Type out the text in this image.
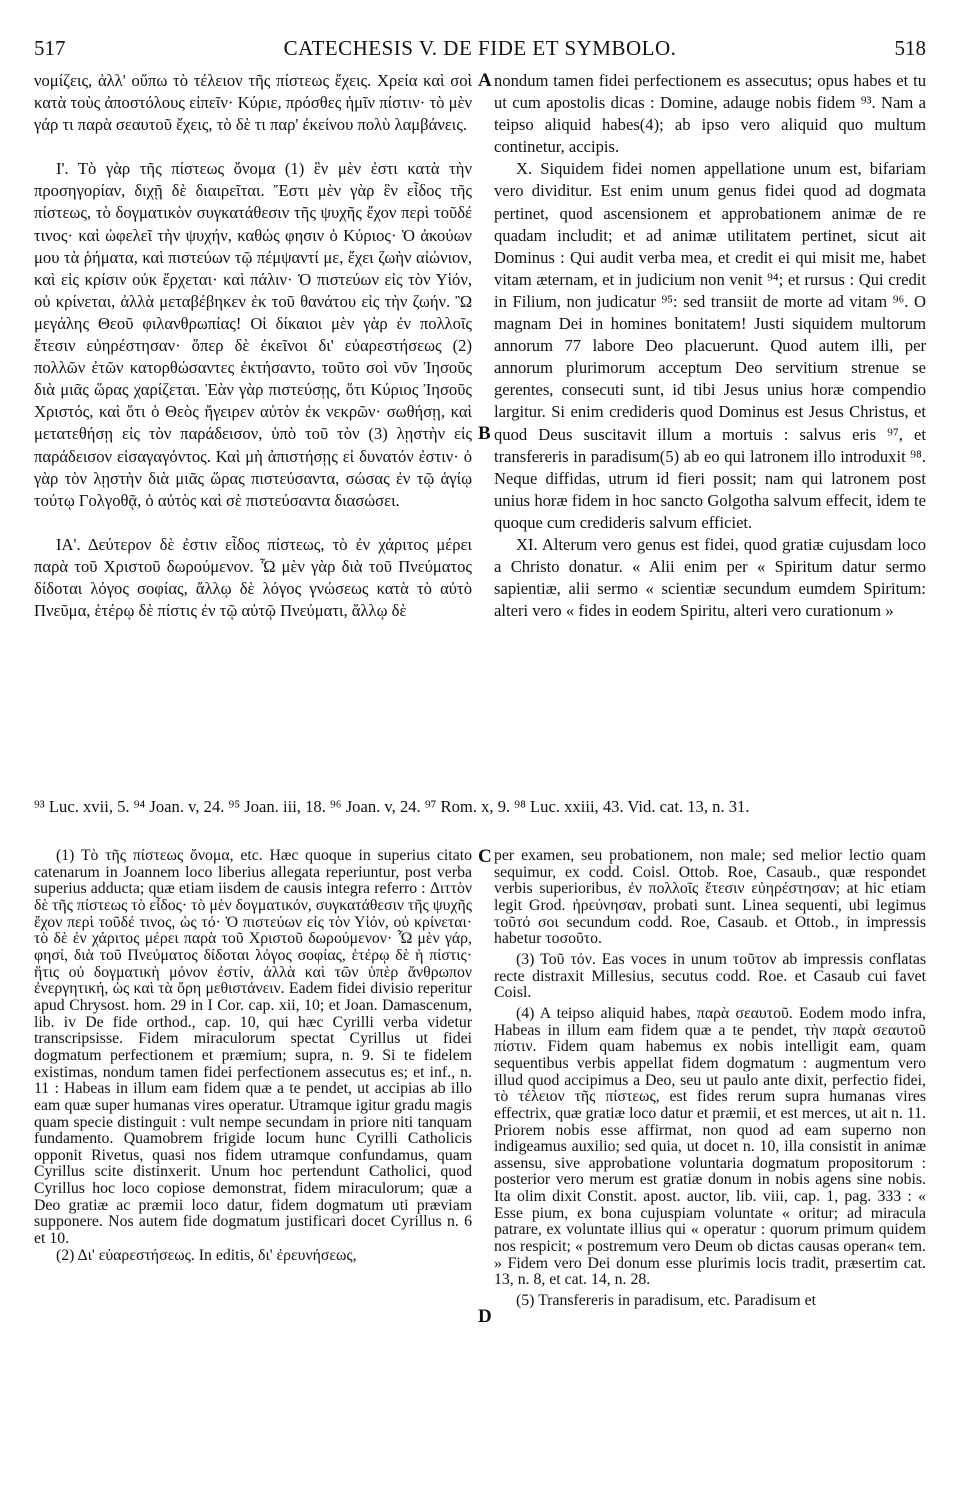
517	CATECHESIS V. DE FIDE ET SYMBOLO.	518
A
B
C
D

νομίζεις, ἀλλ' οὔπω τὸ τέλειον τῆς πίστεως ἔχεις. Χρεία καὶ σοὶ κατὰ τοὺς ἀποστόλους εἰπεῖν· Κύριε, πρόσθες ἡμῖν πίστιν· τὸ μὲν γάρ τι παρὰ σεαυτοῦ ἔχεις, τὸ δὲ τι παρ' ἐκείνου πολὺ λαμβάνεις.

Ι'. Τὸ γὰρ τῆς πίστεως ὄνομα (1) ἓν μὲν ἐστι κατὰ τὴν προσηγορίαν, διχῇ δὲ διαιρεῖται. Ἔστι μὲν γὰρ ἓν εἶδος τῆς πίστεως, τὸ δογματικὸν συγκατάθεσιν τῆς ψυχῆς ἔχον περὶ τοῦδέ τινος· καὶ ὠφελεῖ τὴν ψυχήν, καθώς φησιν ὁ Κύριος· Ὁ ἀκούων μου τὰ ῥήματα, καὶ πιστεύων τῷ πέμψαντί με, ἔχει ζωὴν αἰώνιον, καὶ εἰς κρίσιν οὐκ ἔρχεται· καὶ πάλιν· Ὁ πιστεύων εἰς τὸν Υἱόν, οὐ κρίνεται, ἀλλὰ μεταβέβηκεν ἐκ τοῦ θανάτου εἰς τὴν ζωήν. Ὢ μεγάλης Θεοῦ φιλανθρωπίας! Οἱ δίκαιοι μὲν γὰρ ἐν πολλοῖς ἔτεσιν εὐηρέστησαν· ὅπερ δὲ ἐκεῖνοι δι' εὐαρεστήσεως (2) πολλῶν ἐτῶν κατορθώσαντες ἐκτήσαντο, τοῦτο σοὶ νῦν Ἰησοῦς διὰ μιᾶς ὥρας χαρίζεται. Ἐὰν γὰρ πιστεύσῃς, ὅτι Κύριος Ἰησοῦς Χριστός, καὶ ὅτι ὁ Θεὸς ἤγειρεν αὐτὸν ἐκ νεκρῶν· σωθήσῃ, καὶ μετατεθήσῃ εἰς τὸν παράδεισον, ὑπὸ τοῦ τὸν (3) λῃστὴν εἰς παράδεισον εἰσαγαγόντος. Καὶ μὴ ἀπιστήσῃς εἰ δυνατόν ἐστιν· ὁ γὰρ τὸν λῃστὴν διὰ μιᾶς ὥρας πιστεύσαντα, σώσας ἐν τῷ ἁγίῳ τούτῳ Γολγοθᾷ, ὁ αὐτὸς καὶ σὲ πιστεύσαντα διασώσει.

ΙΑ'. Δεύτερον δὲ ἐστιν εἶδος πίστεως, τὸ ἐν χάριτος μέρει παρὰ τοῦ Χριστοῦ δωρούμενον. Ὧ μὲν γὰρ διὰ τοῦ Πνεύματος δίδοται λόγος σοφίας, ἄλλῳ δὲ λόγος γνώσεως κατὰ τὸ αὐτὸ Πνεῦμα, ἑτέρῳ δὲ πίστις ἐν τῷ αὐτῷ Πνεύματι, ἄλλῳ δὲ

nondum tamen fidei perfectionem es assecutus; opus habes et tu ut cum apostolis dicas : Domine, adauge nobis fidem ⁹³. Nam a teipso aliquid habes(4); ab ipso vero aliquid quo multum continetur, accipis.

X. Siquidem fidei nomen appellatione unum est, bifariam vero dividitur. Est enim unum genus fidei quod ad dogmata pertinet, quod ascensionem et approbationem animæ de re quadam includit; et ad animæ utilitatem pertinet, sicut ait Dominus : Qui audit verba mea, et credit ei qui misit me, habet vitam æternam, et in judicium non venit ⁹⁴; et rursus : Qui credit in Filium, non judicatur ⁹⁵: sed transiit de morte ad vitam ⁹⁶. O magnam Dei in homines bonitatem! Justi siquidem multorum annorum 77 labore Deo placuerunt. Quod autem illi, per annorum plurimorum acceptum Deo servitium strenue se gerentes, consecuti sunt, id tibi Jesus unius horæ compendio largitur. Si enim credideris quod Dominus est Jesus Christus, et quod Deus suscitavit illum a mortuis : salvus eris ⁹⁷, et transfereris in paradisum(5) ab eo qui latronem illo introduxit ⁹⁸. Neque diffidas, utrum id fieri possit; nam qui latronem post unius horæ fidem in hoc sancto Golgotha salvum effecit, idem te quoque cum credideris salvum efficiet.

XI. Alterum vero genus est fidei, quod gratiæ cujusdam loco a Christo donatur. « Alii enim per « Spiritum datur sermo sapientiæ, alii sermo « scientiæ secundum eumdem Spiritum: alteri vero « fides in eodem Spiritu, alteri vero curationum »

⁹³ Luc. xvii, 5. ⁹⁴ Joan. v, 24. ⁹⁵ Joan. iii, 18. ⁹⁶ Joan. v, 24. ⁹⁷ Rom. x, 9. ⁹⁸ Luc. xxiii, 43. Vid. cat. 13, n. 31.

(1) Τὸ τῆς πίστεως ὄνομα, etc. Hæc quoque in superius citato catenarum in Joannem loco liberius allegata reperiuntur, post verba superius adducta; quæ etiam iisdem de causis integra referro : Διττὸν δὲ τῆς πίστεως τὸ εἶδος· τὸ μὲν δογματικόν, συγκατάθεσιν τῆς ψυχῆς ἔχον περὶ τοῦδέ τινος, ὡς τό· Ὁ πιστεύων εἰς τὸν Υἱόν, οὐ κρίνεται· τὸ δὲ ἐν χάριτος μέρει παρὰ τοῦ Χριστοῦ δωρούμενον· Ὧ μὲν γάρ, φησί, διὰ τοῦ Πνεύματος δίδοται λόγος σοφίας, ἑτέρῳ δὲ ἡ πίστις· ἥτις οὐ δογματικὴ μόνον ἐστίν, ἀλλὰ καὶ τῶν ὑπὲρ ἄνθρωπον ἐνεργητική, ὡς καὶ τὰ ὄρη μεθιστάνειν. Eadem fidei divisio reperitur apud Chrysost. hom. 29 in I Cor. cap. xii, 10; et Joan. Damascenum, lib. iv De fide orthod., cap. 10, qui hæc Cyrilli verba videtur transcripsisse. Fidem miraculorum spectat Cyrillus ut fidei dogmatum perfectionem et præmium; supra, n. 9. Si te fidelem existimas, nondum tamen fidei perfectionem assecutus es; et inf., n. 11 : Habeas in illum eam fidem quæ a te pendet, ut accipias ab illo eam quæ super humanas vires operatur. Utramque igitur gradu magis quam specie distinguit : vult nempe secundam in priore niti tanquam fundamento. Quamobrem frigide locum hunc Cyrilli Catholicis opponit Rivetus, quasi nos fidem utramque confundamus, quam Cyrillus scite distinxerit. Unum hoc pertendunt Catholici, quod Cyrillus hoc loco copiose demonstrat, fidem miraculorum; quæ a Deo gratiæ ac præmii loco datur, fidem dogmatum uti præviam supponere. Nos autem fide dogmatum justificari docet Cyrillus n. 6 et 10.

(2) Δι' εὐαρεστήσεως. In editis, δι' ἐρευνήσεως,

per examen, seu probationem, non male; sed melior lectio quam sequimur, ex codd. Coisl. Ottob. Roe, Casaub., quæ respondet verbis superioribus, ἐν πολλοῖς ἔτεσιν εὐηρέστησαν; at hic etiam legit Grod. ἠρεύνησαν, probati sunt. Linea sequenti, ubi legimus τοῦτό σοι secundum codd. Roe, Casaub. et Ottob., in impressis habetur τοσοῦτο.

(3) Τοῦ τόν. Eas voces in unum τοῦτον ab impressis conflatas recte distraxit Millesius, secutus codd. Roe. et Casaub cui favet Coisl.

(4) A teipso aliquid habes, παρὰ σεαυτοῦ. Eodem modo infra, Habeas in illum eam fidem quæ a te pendet, τὴν παρὰ σεαυτοῦ πίστιν. Fidem quam habemus ex nobis intelligit eam, quam sequentibus verbis appellat fidem dogmatum : augmentum vero illud quod accipimus a Deo, seu ut paulo ante dixit, perfectio fidei, τὸ τέλειον τῆς πίστεως, est fides rerum supra humanas vires effectrix, quæ gratiæ loco datur et præmii, et est merces, ut ait n. 11. Priorem nobis esse affirmat, non quod ad eam superno non indigeamus auxilio; sed quia, ut docet n. 10, illa consistit in animæ assensu, sive approbatione voluntaria dogmatum propositorum : posterior vero merum est gratiæ donum in nobis agens sine nobis. Ita olim dixit Constit. apost. auctor, lib. viii, cap. 1, pag. 333 : « Esse pium, ex bona cujuspiam voluntate « oritur; ad miracula patrare, ex voluntate illius qui « operatur : quorum primum quidem nos respicit; « postremum vero Deum ob dictas causas operan« tem. » Fidem vero Dei donum esse plurimis locis tradit, præsertim cat. 13, n. 8, et cat. 14, n. 28.

(5) Transfereris in paradisum, etc. Paradisum et
